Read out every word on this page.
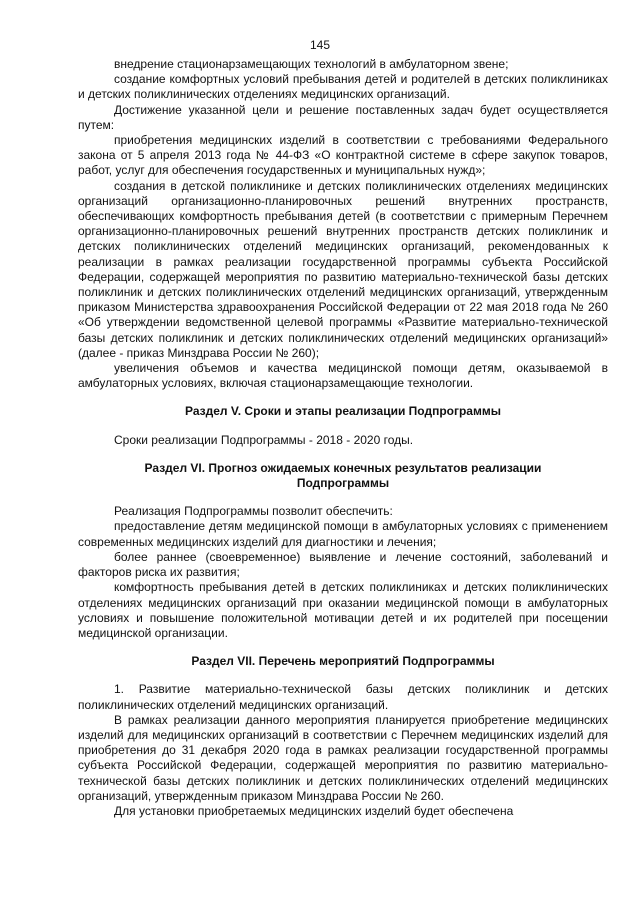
145

внедрение стационарзамещающих технологий в амбулаторном звене;

создание комфортных условий пребывания детей и родителей в детских поликлиниках и детских поликлинических отделениях медицинских организаций.

Достижение указанной цели и решение поставленных задач будет осуществляется путем:

приобретения медицинских изделий в соответствии с требованиями Федерального закона от 5 апреля 2013 года № 44-ФЗ «О контрактной системе в сфере закупок товаров, работ, услуг для обеспечения государственных и муниципальных нужд»;

создания в детской поликлинике и детских поликлинических отделениях медицинских организаций организационно-планировочных решений внутренних пространств, обеспечивающих комфортность пребывания детей (в соответствии с примерным Перечнем организационно-планировочных решений внутренних пространств детских поликлиник и детских поликлинических отделений медицинских организаций, рекомендованных к реализации в рамках реализации государственной программы субъекта Российской Федерации, содержащей мероприятия по развитию материально-технической базы детских поликлиник и детских поликлинических отделений медицинских организаций, утвержденным приказом Министерства здравоохранения Российской Федерации от 22 мая 2018 года № 260 «Об утверждении ведомственной целевой программы «Развитие материально-технической базы детских поликлиник и детских поликлинических отделений медицинских организаций» (далее - приказ Минздрава России № 260);

увеличения объемов и качества медицинской помощи детям, оказываемой в амбулаторных условиях, включая стационарзамещающие технологии.

Раздел V. Сроки и этапы реализации Подпрограммы

Сроки реализации Подпрограммы - 2018 - 2020 годы.

Раздел VI. Прогноз ожидаемых конечных результатов реализации Подпрограммы

Реализация Подпрограммы позволит обеспечить:

предоставление детям медицинской помощи в амбулаторных условиях с применением современных медицинских изделий для диагностики и лечения;

более раннее (своевременное) выявление и лечение состояний, заболеваний и факторов риска их развития;

комфортность пребывания детей в детских поликлиниках и детских поликлинических отделениях медицинских организаций при оказании медицинской помощи в амбулаторных условиях и повышение положительной мотивации детей и их родителей при посещении медицинской организации.

Раздел VII. Перечень мероприятий Подпрограммы

1. Развитие материально-технической базы детских поликлиник и детских поликлинических отделений медицинских организаций.

В рамках реализации данного мероприятия планируется приобретение медицинских изделий для медицинских организаций в соответствии с Перечнем медицинских изделий для приобретения до 31 декабря 2020 года в рамках реализации государственной программы субъекта Российской Федерации, содержащей мероприятия по развитию материально-технической базы детских поликлиник и детских поликлинических отделений медицинских организаций, утвержденным приказом Минздрава России № 260.

Для установки приобретаемых медицинских изделий будет обеспечена
